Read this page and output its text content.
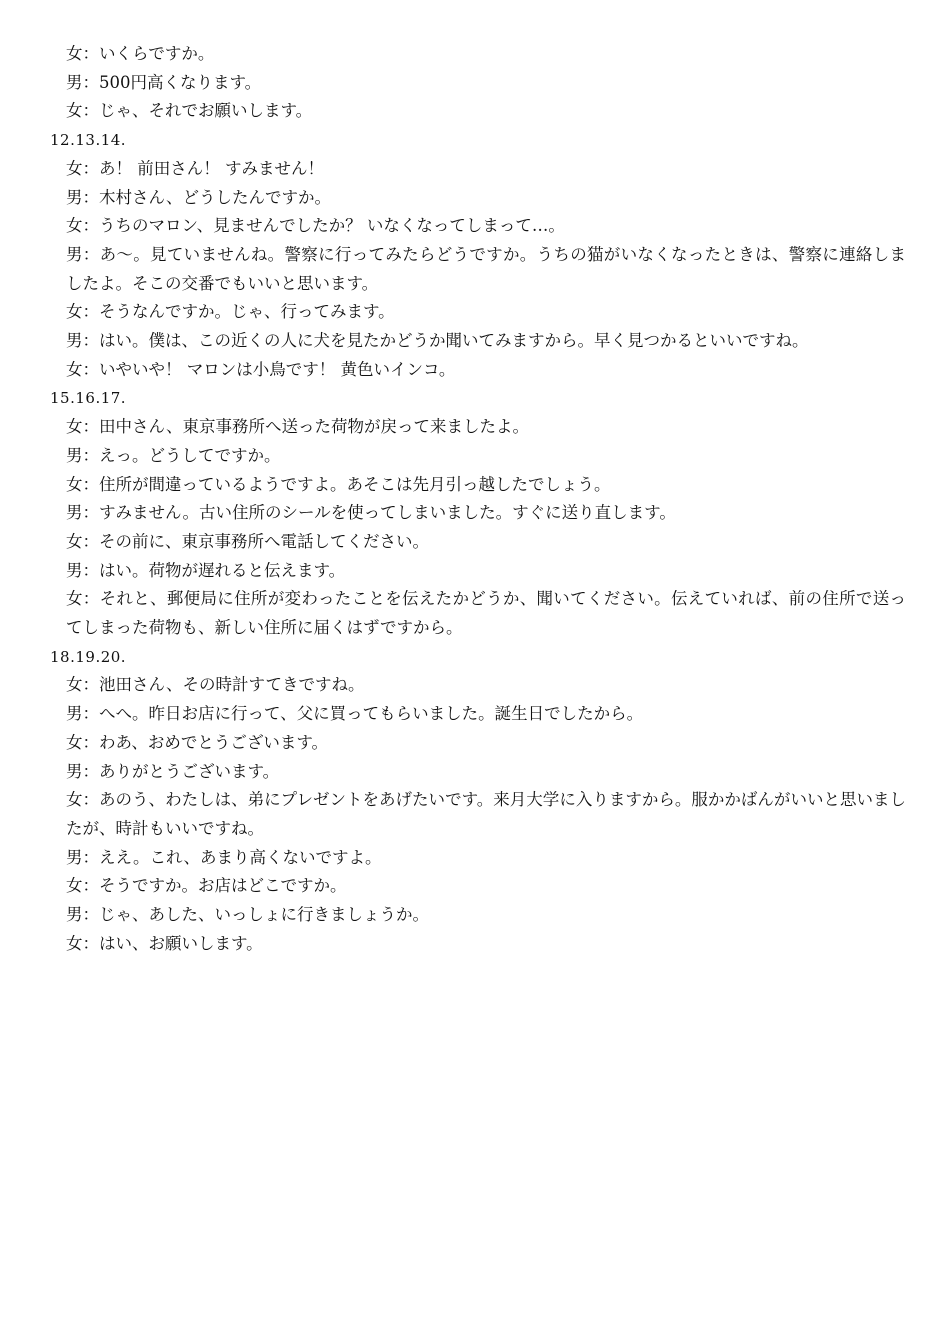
女：いくらですか。
男：500円高くなります。
女：じゃ、それでお願いします。
12.13.14.
女：あ！ 前田さん！ すみません！
男：木村さん、どうしたんですか。
女：うちのマロン、見ませんでしたか？ いなくなってしまって…。
男：あ〜。見ていませんね。警察に行ってみたらどうですか。うちの猫がいなくなったときは、警察に連絡しましたよ。そこの交番でもいいと思います。
女：そうなんですか。じゃ、行ってみます。
男：はい。僕は、この近くの人に犬を見たかどうか聞いてみますから。早く見つかるといいですね。
女：いやいや！ マロンは小鳥です！ 黄色いインコ。
15.16.17.
女：田中さん、東京事務所へ送った荷物が戻って来ましたよ。
男：えっ。どうしてですか。
女：住所が間違っているようですよ。あそこは先月引っ越したでしょう。
男：すみません。古い住所のシールを使ってしまいました。すぐに送り直します。
女：その前に、東京事務所へ電話してください。
男：はい。荷物が遅れると伝えます。
女：それと、郵便局に住所が変わったことを伝えたかどうか、聞いてください。伝えていれば、前の住所で送ってしまった荷物も、新しい住所に届くはずですから。
18.19.20.
女：池田さん、その時計すてきですね。
男：へへ。昨日お店に行って、父に買ってもらいました。誕生日でしたから。
女：わあ、おめでとうございます。
男：ありがとうございます。
女：あのう、わたしは、弟にプレゼントをあげたいです。来月大学に入りますから。服かかばんがいいと思いましたが、時計もいいですね。
男：ええ。これ、あまり高くないですよ。
女：そうですか。お店はどこですか。
男：じゃ、あした、いっしょに行きましょうか。
女：はい、お願いします。
